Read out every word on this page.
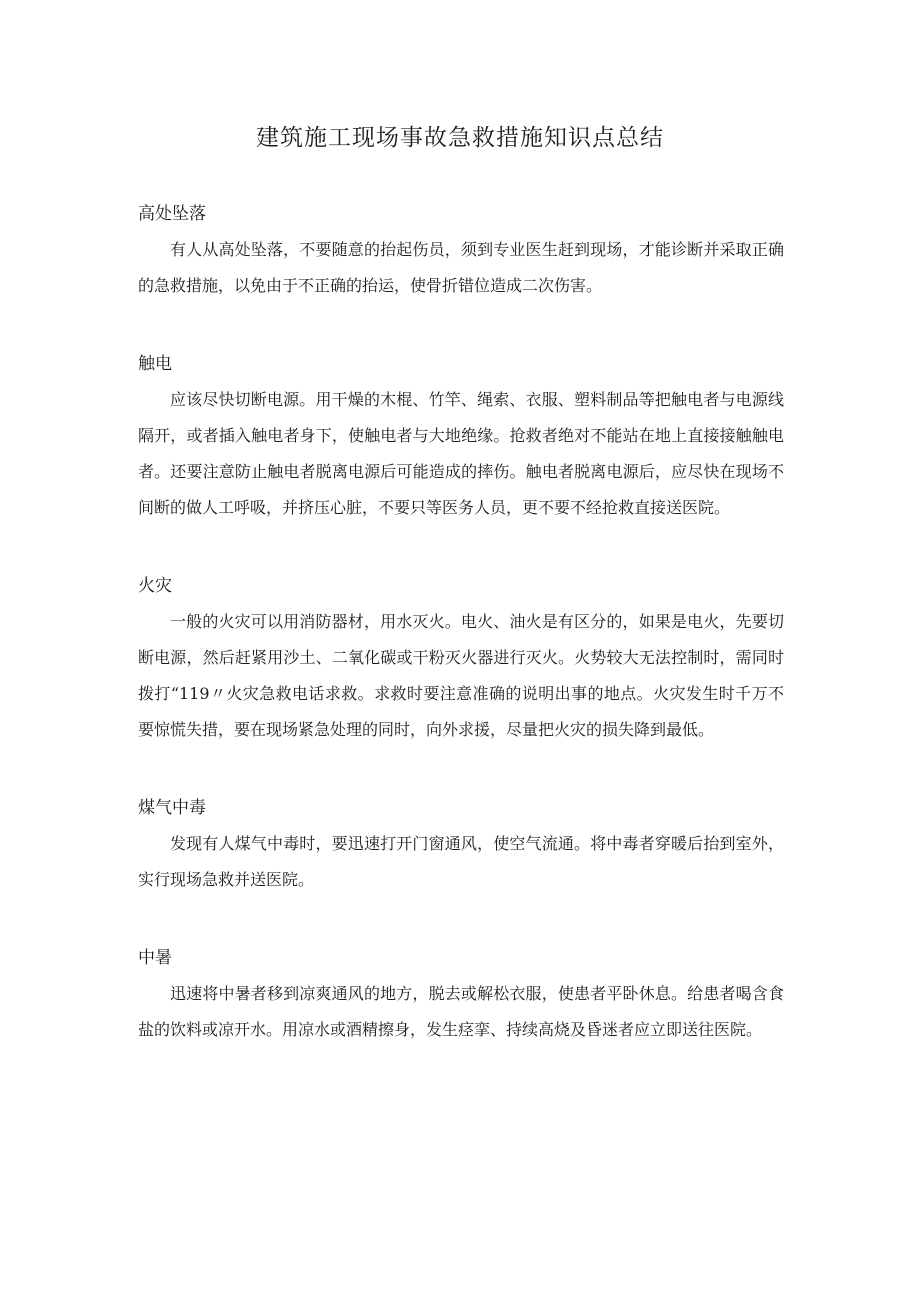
建筑施工现场事故急救措施知识点总结
高处坠落

有人从高处坠落，不要随意的抬起伤员，须到专业医生赶到现场，才能诊断并采取正确的急救措施，以免由于不正确的抬运，使骨折错位造成二次伤害。

触电

应该尽快切断电源。用干燥的木棍、竹竿、绳索、衣服、塑料制品等把触电者与电源线隔开，或者插入触电者身下，使触电者与大地绝缘。抢救者绝对不能站在地上直接接触触电者。还要注意防止触电者脱离电源后可能造成的摔伤。触电者脱离电源后，应尽快在现场不间断的做人工呼吸，并挤压心脏，不要只等医务人员，更不要不经抢救直接送医院。

火灾

一般的火灾可以用消防器材，用水灭火。电火、油火是有区分的，如果是电火，先要切断电源，然后赶紧用沙土、二氧化碳或干粉灭火器进行灭火。火势较大无法控制时，需同时拨打“119〃火灾急救电话求救。求救时要注意准确的说明出事的地点。火灾发生时千万不要惊慌失措，要在现场紧急处理的同时，向外求援，尽量把火灾的损失降到最低。

煤气中毒

发现有人煤气中毒时，要迅速打开门窗通风，使空气流通。将中毒者穿暖后抬到室外，实行现场急救并送医院。

中暑

迅速将中暑者移到凉爽通风的地方，脱去或解松衣服，使患者平卧休息。给患者喝含食盐的饮料或凉开水。用凉水或酒精擦身，发生痉挛、持续高烧及昏迷者应立即送往医院。
